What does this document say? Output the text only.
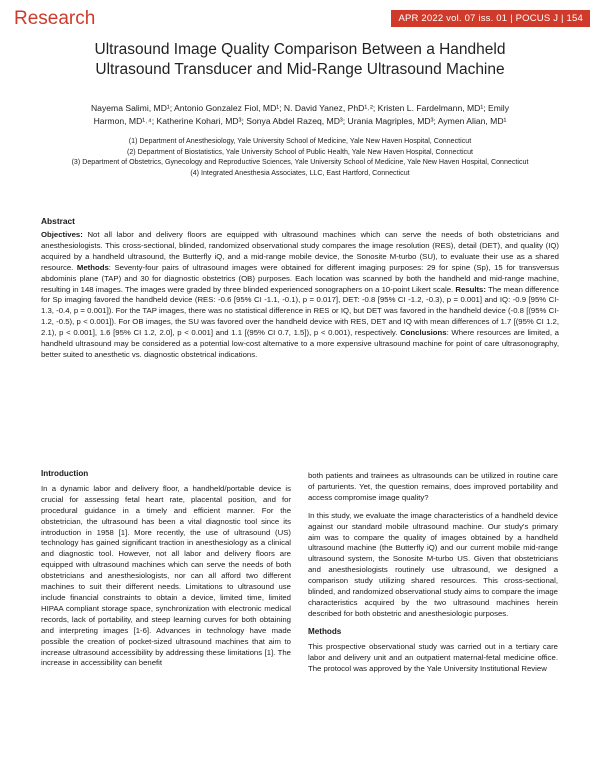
Research	APR 2022 vol. 07 iss. 01 | POCUS J | 154
Ultrasound Image Quality Comparison Between a Handheld
Ultrasound Transducer and Mid-Range Ultrasound Machine
Nayema Salimi, MD¹; Antonio Gonzalez Fiol, MD¹; N. David Yanez, PhD¹˒²; Kristen L. Fardelmann, MD¹; Emily
Harmon, MD¹˒⁴; Katherine Kohari, MD³; Sonya Abdel Razeq, MD³; Urania Magriples, MD³; Aymen Alian, MD¹
(1) Department of Anesthesiology, Yale University School of Medicine, Yale New Haven Hospital, Connecticut
(2) Department of Biostatistics, Yale University School of Public Health, Yale New Haven Hospital, Connecticut
(3) Department of Obstetrics, Gynecology and Reproductive Sciences, Yale University School of Medicine, Yale New Haven Hospital, Connecticut
(4) Integrated Anesthesia Associates, LLC, East Hartford, Connecticut
Abstract
Objectives: Not all labor and delivery floors are equipped with ultrasound machines which can serve the needs of both obstetricians and anesthesiologists. This cross-sectional, blinded, randomized observational study compares the image resolution (RES), detail (DET), and quality (IQ) acquired by a handheld ultrasound, the Butterfly iQ, and a mid-range mobile device, the Sonosite M-turbo (SU), to evaluate their use as a shared resource. Methods: Seventy-four pairs of ultrasound images were obtained for different imaging purposes: 29 for spine (Sp), 15 for transversus abdominis plane (TAP) and 30 for diagnostic obstetrics (OB) purposes. Each location was scanned by both the handheld and mid-range machine, resulting in 148 images. The images were graded by three blinded experienced sonographers on a 10-point Likert scale. Results: The mean difference for Sp imaging favored the handheld device (RES: -0.6 [95% CI -1.1, -0.1), p = 0.017], DET: -0.8 [95% CI -1.2, -0.3), p = 0.001] and IQ: -0.9 [95% CI-1.3, -0.4, p = 0.001]). For the TAP images, there was no statistical difference in RES or IQ, but DET was favored in the handheld device (-0.8 [(95% CI-1.2, -0.5), p < 0.001]). For OB images, the SU was favored over the handheld device with RES, DET and IQ with mean differences of 1.7 [(95% CI 1.2, 2.1), p < 0.001], 1.6 [95% CI 1.2, 2.0], p < 0.001] and 1.1 [(95% CI 0.7, 1.5]), p < 0.001), respectively. Conclusions: Where resources are limited, a handheld ultrasound may be considered as a potential low-cost alternative to a more expensive ultrasound machine for point of care ultrasonography, better suited to anesthetic vs. diagnostic obstetrical indications.
Introduction
In a dynamic labor and delivery floor, a handheld/portable device is crucial for assessing fetal heart rate, placental position, and for procedural guidance in a timely and efficient manner. For the obstetrician, the ultrasound has been a vital diagnostic tool since its introduction in 1958 [1]. More recently, the use of ultrasound (US) technology has gained significant traction in anesthesiology as a clinical and diagnostic tool. However, not all labor and delivery floors are equipped with ultrasound machines which can serve the needs of both obstetricians and anesthesiologists, nor can all afford two different machines to suit their different needs. Limitations to ultrasound use include financial constraints to obtain a device, limited time, limited HIPAA compliant storage space, synchronization with electronic medical records, lack of portability, and steep learning curves for both obtaining and interpreting images [1-6]. Advances in technology have made possible the creation of pocket-sized ultrasound machines that aim to increase ultrasound accessibility by addressing these limitations [1]. The increase in accessibility can benefit
both patients and trainees as ultrasounds can be utilized in routine care of parturients. Yet, the question remains, does improved portability and access compromise image quality?
In this study, we evaluate the image characteristics of a handheld device against our standard mobile ultrasound machine. Our study's primary aim was to compare the quality of images obtained by a handheld ultrasound machine (the Butterfly iQ) and our current mobile mid-range ultrasound system, the Sonosite M-turbo US. Given that obstetricians and anesthesiologists routinely use ultrasound, we designed a comparison study utilizing shared resources. This cross-sectional, blinded, and randomized observational study aims to compare the image characteristics acquired by the two ultrasound machines herein described for both obstetric and anesthesiologic purposes.
Methods
This prospective observational study was carried out in a tertiary care labor and delivery unit and an outpatient maternal-fetal medicine office. The protocol was approved by the Yale University Institutional Review
